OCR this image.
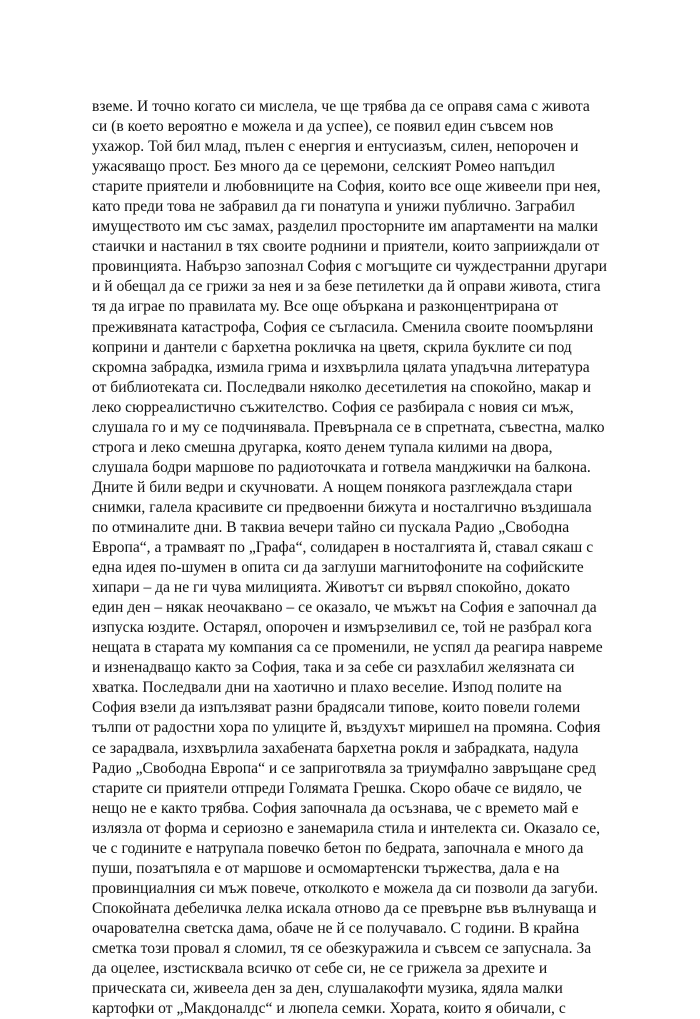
вземе. И точно когато си мислела, че ще трябва да се оправя сама с живота
си (в което вероятно е можела и да успее), се появил един съвсем нов
ухажор. Той бил млад, пълен с енергия и ентусиазъм, силен, непорочен и
ужасяващо прост. Без много да се церемони, селският Ромео напъдил
старите приятели и любовниците на София, които все още живеели при нея,
като преди това не забравил да ги понатупа и унижи публично. Заграбил
имуществото им със замах, разделил просторните им апартаменти на малки
стаички и настанил в тях своите роднини и приятели, които заприиждали от
провинцията. Набързо запознал София с могъщите си чуждестранни другари
и й обещал да се грижи за нея и за безе петилетки да й оправи живота, стига
тя да играе по правилата му. Все още объркана и разконцентрирана от
преживяната катастрофа, София се съгласила. Сменила своите поомърляни
коприни и дантели с бархетна рокличка на цветя, скрила буклите си под
скромна забрадка, измила грима и изхвърлила цялата упадъчна литература
от библиотеката си. Последвали няколко десетилетия на спокойно, макар и
леко сюрреалистично съжителство. София се разбирала с новия си мъж,
слушала го и му се подчинявала. Превърнала се в спретната, съвестна, малко
строга и леко смешна другарка, която денем тупала килими на двора,
слушала бодри маршове по радиоточката и готвела манджички на балкона.
Дните й били ведри и скучновати. А нощем понякога разглеждала стари
снимки, галела красивите си предвоенни бижута и носталгично въздишала
по отминалите дни. В таквиа вечери тайно си пускала Радио „Свободна
Европа“, а трамваят по „Графа“, солидарен в носталгията й, ставал сякаш с
една идея по-шумен в опита си да заглуши магнитофоните на софийските
хипари – да не ги чува милицията. Животът си вървял спокойно, докато
един ден – някак неочаквано – се оказало, че мъжът на София е започнал да
изпуска юздите. Остарял, опорочен и измързеливил се, той не разбрал кога
нещата в старата му компания са се променили, не успял да реагира навреме
и изненадващо както за София, така и за себе си разхлабил желязната си
хватка. Последвали дни на хаотично и плахо веселие. Изпод полите на
София взели да изпълзяват разни брадясали типове, които повели големи
тълпи от радостни хора по улиците й, въздухът миришел на промяна. София
се зарадвала, изхвърлила захабената бархетна рокля и забрадката, надула
Радио „Свободна Европа“ и се заприготвяла за триумфално завръщане сред
старите си приятели отпреди Голямата Грешка. Скоро обаче се видяло, че
нещо не е както трябва. София започнала да осъзнава, че с времето май е
излязла от форма и сериозно е занемарила стила и интелекта си. Оказало се,
че с годините е натрупала повечко бетон по бедрата, започнала е много да
пуши, позатъпяла е от маршове и осмомартенски тържества, дала е на
провинциалния си мъж повече, отколкото е можела да си позволи да загуби.
Спокойната дебеличка лелка искала отново да се превърне във вълнуваща и
очарователна светска дама, обаче не й се получавало. С години. В крайна
сметка този провал я сломил, тя се обезкуражила и съвсем се запуснала. За
да оцелее, изстисквала всичко от себе си, не се грижела за дрехите и
прическата си, живеела ден за ден, слушалакофти музика, ядяла малки
картофки от „Макдоналдс“ и люпела семки. Хората, които я обичали, с
